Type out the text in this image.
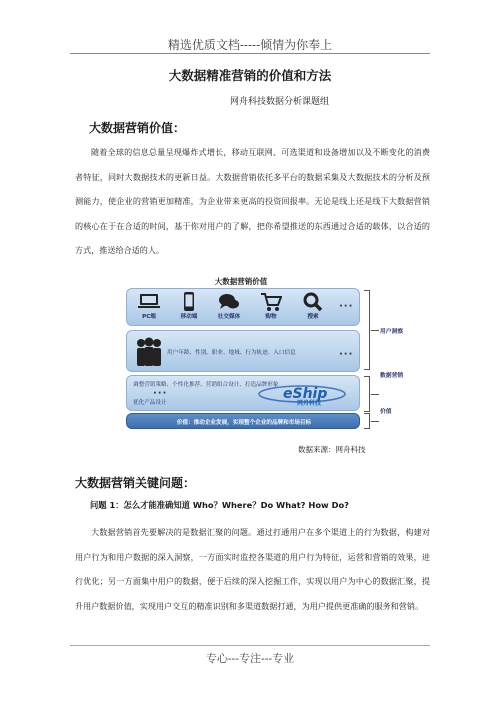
精选优质文档-----倾情为你奉上
大数据精准营销的价值和方法
网舟科技数据分析课题组
大数据营销价值：
随着全球的信息总量呈现爆炸式增长，移动互联网、可选渠道和设备增加以及不断变化的消费者特征，同时大数据技术的更新日益。大数据营销依托多平台的数据采集及大数据技术的分析及预测能力，使企业的营销更加精准，为企业带来更高的投资回报率。无论是线上还是线下大数据营销的核心在于在合适的时间，基于你对用户的了解，把你希望推送的东西通过合适的载体，以合适的方式，推送给合适的人。
大数据营销价值
PC端	移动端	社交媒体	购物	搜索
···
用户年龄、性别、职业、地域、行为轨迹、入口信息	···
调整营销策略、个性化推荐、营销组合设计、打造品牌形象
优化产品设计
eShip
网舟科技
···
价值：推动企业发展，实现整个企业的品牌和市场目标
用户洞察
数据营销
价值
数据来源：网舟科技
大数据营销关键问题：
问题 1：怎么才能准确知道 Who？Where？Do What? How Do?
大数据营销首先要解决的是数据汇聚的问题。通过打通用户在多个渠道上的行为数据，构建对用户行为和用户数据的深入洞察，一方面实时监控各渠道的用户行为特征，运营和营销的效果，进行优化；另一方面集中用户的数据，便于后续的深入挖掘工作，实现以用户为中心的数据汇聚，提升用户数据价值，实现用户交互的精准识别和多渠道数据打通，为用户提供更准确的服务和营销。
专心---专注---专业
